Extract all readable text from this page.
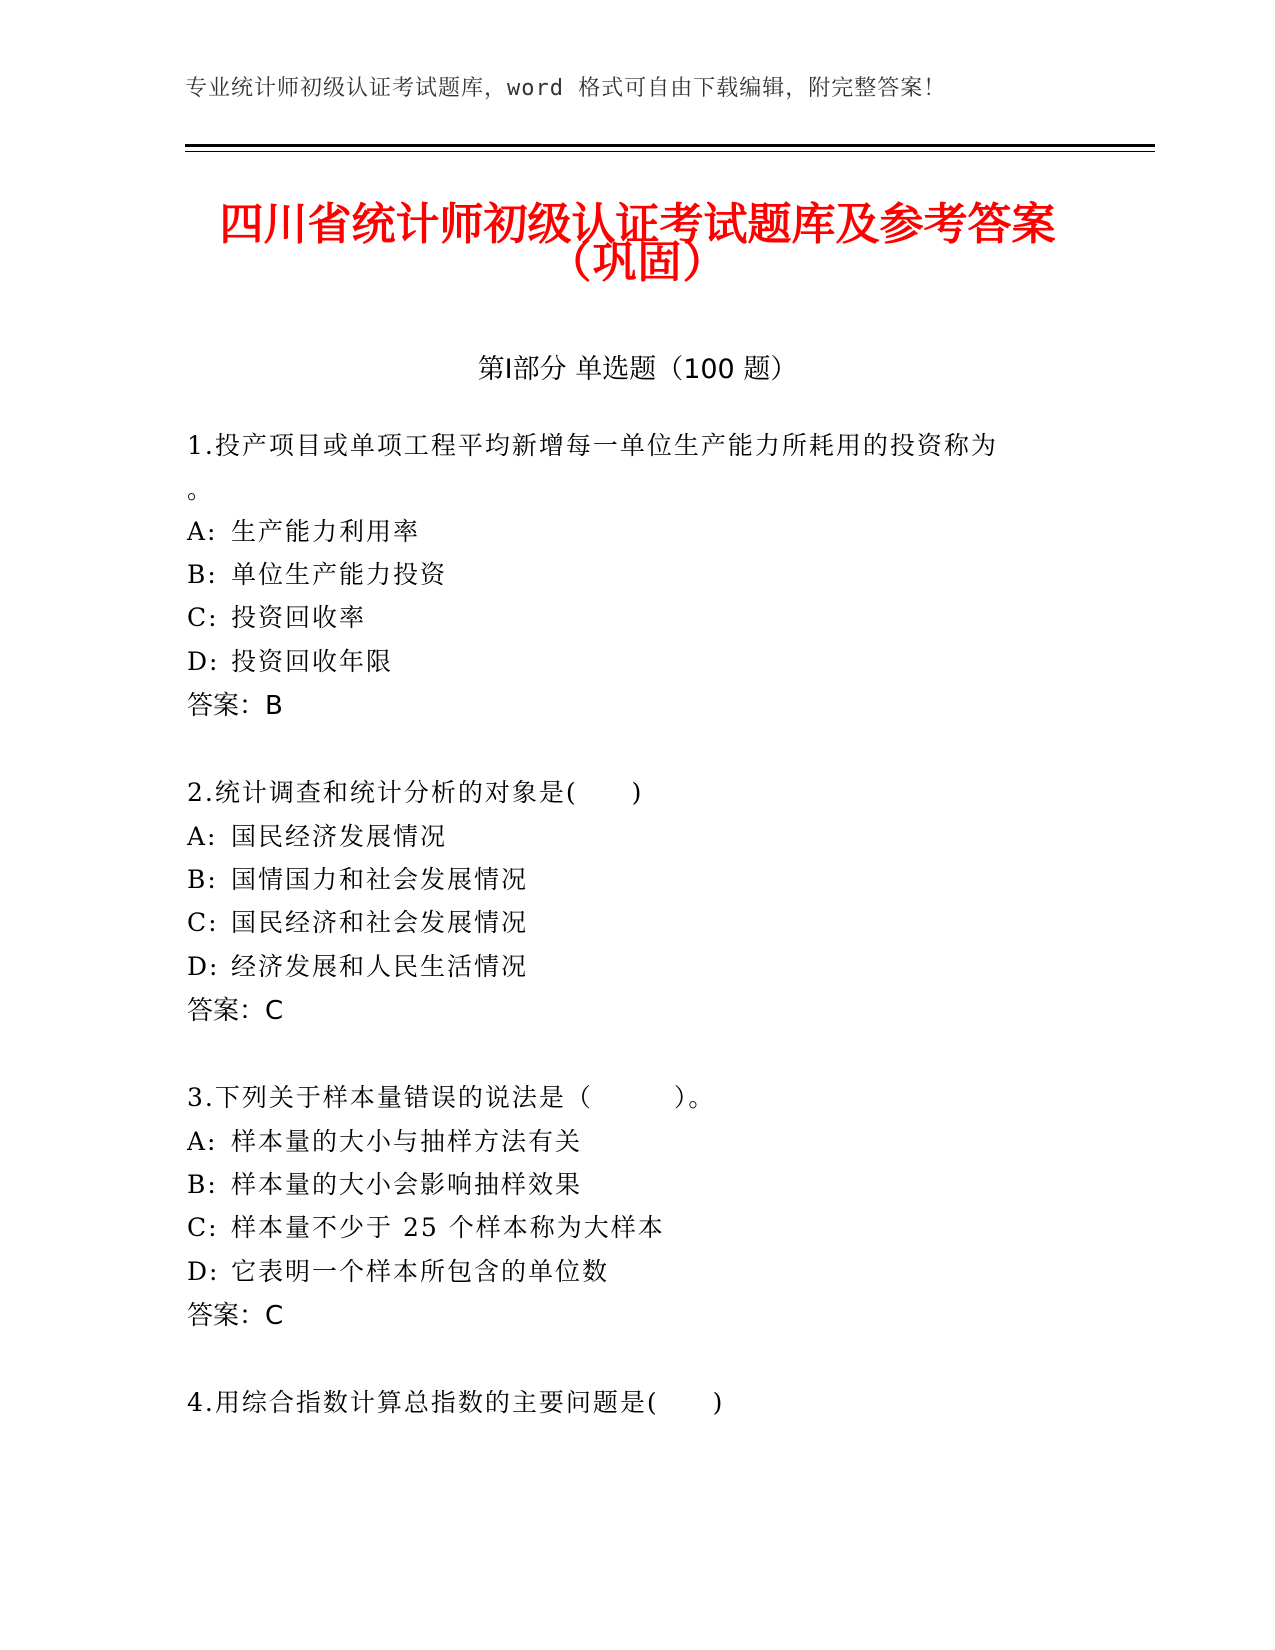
专业统计师初级认证考试题库，word 格式可自由下载编辑，附完整答案！
四川省统计师初级认证考试题库及参考答案
（巩固）
第Ⅰ部分 单选题（100 题）
1.投产项目或单项工程平均新增每一单位生产能力所耗用的投资称为
。
A: 生产能力利用率
B: 单位生产能力投资
C: 投资回收率
D: 投资回收年限
答案：B
2.统计调查和统计分析的对象是(　　)
A: 国民经济发展情况
B: 国情国力和社会发展情况
C: 国民经济和社会发展情况
D: 经济发展和人民生活情况
答案：C
3.下列关于样本量错误的说法是（　　　）。
A: 样本量的大小与抽样方法有关
B: 样本量的大小会影响抽样效果
C: 样本量不少于 25 个样本称为大样本
D: 它表明一个样本所包含的单位数
答案：C
4.用综合指数计算总指数的主要问题是(　　)
